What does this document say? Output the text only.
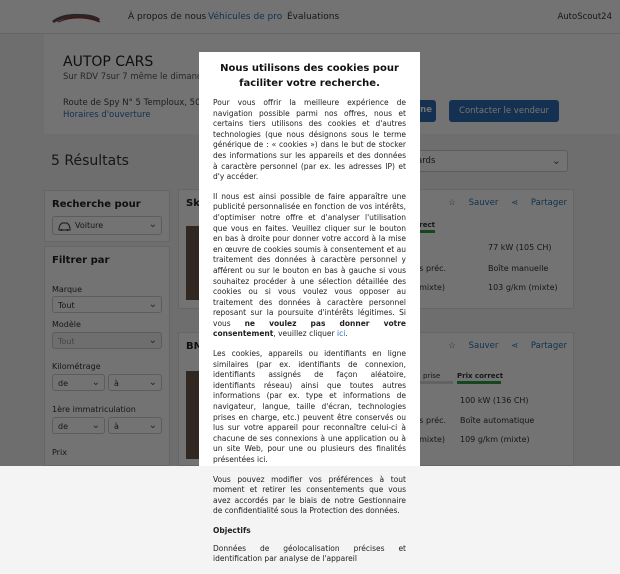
Nous utilisons des cookies pour faciliter votre recherche.

Pour vous offrir la meilleure expérience de navigation possible parmi nos offres, nous et certains tiers utilisons des cookies et d'autres technologies (que nous désignons sous le terme générique de : « cookies ») dans le but de stocker des informations sur les appareils et des données à caractère personnel (par ex. les adresses IP) et d'y accéder.

Il nous est ainsi possible de faire apparaître une publicité personnalisée en fonction de vos intérêts, d'optimiser notre offre et d'analyser l'utilisation que vous en faites. Veuillez cliquer sur le bouton en bas à droite pour donner votre accord à la mise en œuvre de cookies soumis à consentement et au traitement des données à caractère personnel y afférent ou sur le bouton en bas à gauche si vous souhaitez procéder à une sélection détaillée des cookies ou si vous voulez vous opposer au traitement des données à caractère personnel reposant sur la poursuite d'intérêts légitimes. Si vous ne voulez pas donner votre consentement, veuillez cliquer ici.

Les cookies, appareils ou identifiants en ligne similaires (par ex. identifiants de connexion, identifiants assignés de façon aléatoire, identifiants réseau) ainsi que toutes autres informations (par ex. type et informations de navigateur, langue, taille d'écran, technologies prises en charge, etc.) peuvent être conservés ou lus sur votre appareil pour reconnaître celui-ci à chacune de ses connexions à une application ou à un site Web, pour une ou plusieurs des finalités présentées ici.

Vous pouvez modifier vos préférences à tout moment et retirer les consentements que vous avez accordés par le biais de notre Gestionnaire de confidentialité sous la Protection des données.

Objectifs

Données de géolocalisation précises et identification par analyse de l'appareil
